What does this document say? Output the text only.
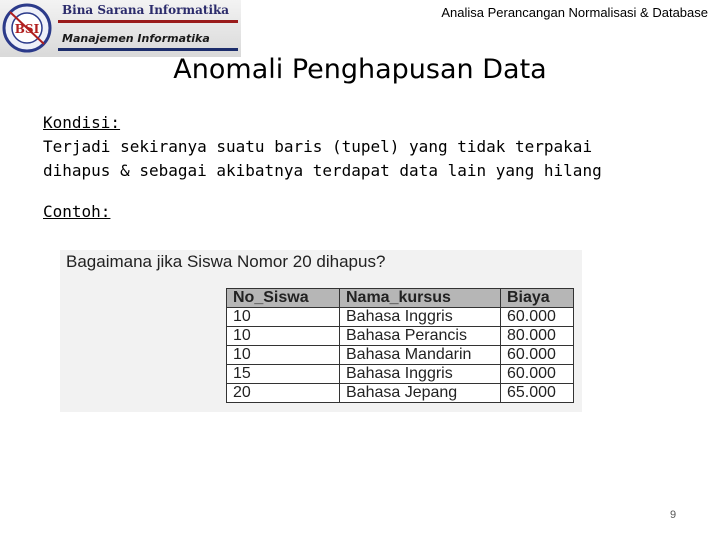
BSI
Bina Sarana Informatika
Manajemen Informatika
Analisa Perancangan Normalisasi & Database
Anomali Penghapusan Data
Kondisi:
Terjadi sekiranya suatu baris (tupel) yang tidak terpakai
dihapus & sebagai akibatnya terdapat data lain yang hilang
Contoh:
Bagaimana jika Siswa Nomor 20 dihapus?
No_Siswa	Nama_kursus	Biaya
10	Bahasa Inggris	60.000
10	Bahasa Perancis	80.000
10	Bahasa Mandarin	60.000
15	Bahasa Inggris	60.000
20	Bahasa Jepang	65.000
9
